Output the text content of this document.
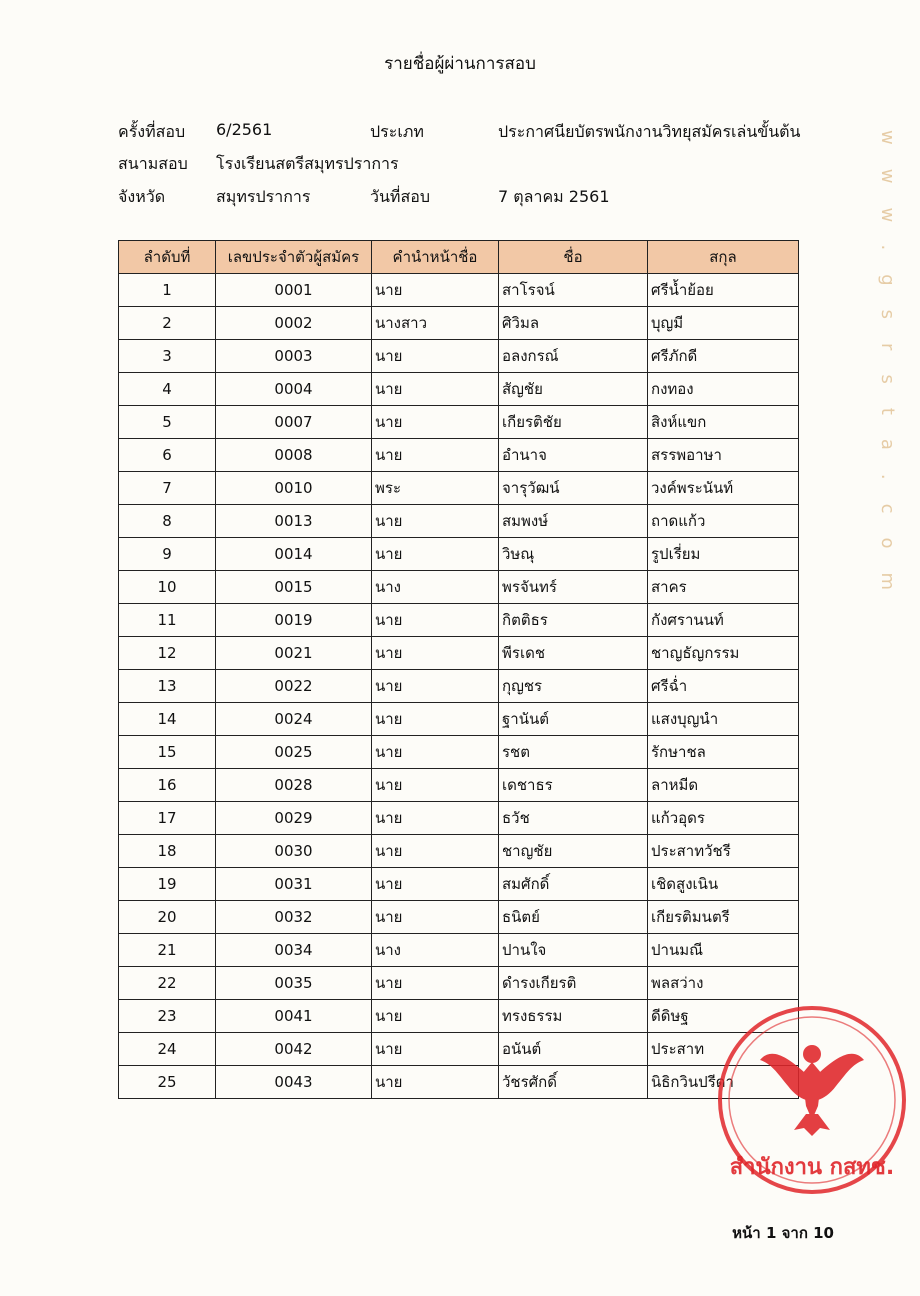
รายชื่อผู้ผ่านการสอบ
ครั้งที่สอบ 6/2561	ประเภท	ประกาศนียบัตรพนักงานวิทยุสมัครเล่นขั้นต้น
สนามสอบ โรงเรียนสตรีสมุทรปราการ
จังหวัด	สมุทรปราการ	วันที่สอบ	7 ตุลาคม 2561
ลำดับที่	เลขประจำตัวผู้สมัคร	คำนำหน้าชื่อ	ชื่อ	สกุล
1	0001	นาย	สาโรจน์	ศรีน้ำย้อย
2	0002	นางสาว	ศิวิมล	บุญมี
3	0003	นาย	อลงกรณ์	ศรีภักดี
4	0004	นาย	สัญชัย	กงทอง
5	0007	นาย	เกียรติชัย	สิงห์แขก
6	0008	นาย	อำนาจ	สรรพอาษา
7	0010	พระ	จารุวัฒน์	วงค์พระนันท์
8	0013	นาย	สมพงษ์	ถาดแก้ว
9	0014	นาย	วิษณุ	รูปเรี่ยม
10	0015	นาง	พรจันทร์	สาคร
11	0019	นาย	กิตติธร	กังศรานนท์
12	0021	นาย	พีรเดช	ชาญธัญกรรม
13	0022	นาย	กุญชร	ศรีฉ่ำ
14	0024	นาย	ฐานันต์	แสงบุญนำ
15	0025	นาย	รชต	รักษาชล
16	0028	นาย	เดชาธร	ลาหมีด
17	0029	นาย	ธวัช	แก้วอุดร
18	0030	นาย	ชาญชัย	ประสาทวัชรี
19	0031	นาย	สมศักดิ์	เชิดสูงเนิน
20	0032	นาย	ธนิตย์	เกียรติมนตรี
21	0034	นาง	ปานใจ	ปานมณี
22	0035	นาย	ดำรงเกียรติ	พลสว่าง
23	0041	นาย	ทรงธรรม	ดีดิษฐ
24	0042	นาย	อนันต์	ประสาท
25	0043	นาย	วัชรศักดิ์	นิธิกวินปรีดา
www.gsrsta.com
สำนักงาน กสทช.
หน้า 1 จาก 10
